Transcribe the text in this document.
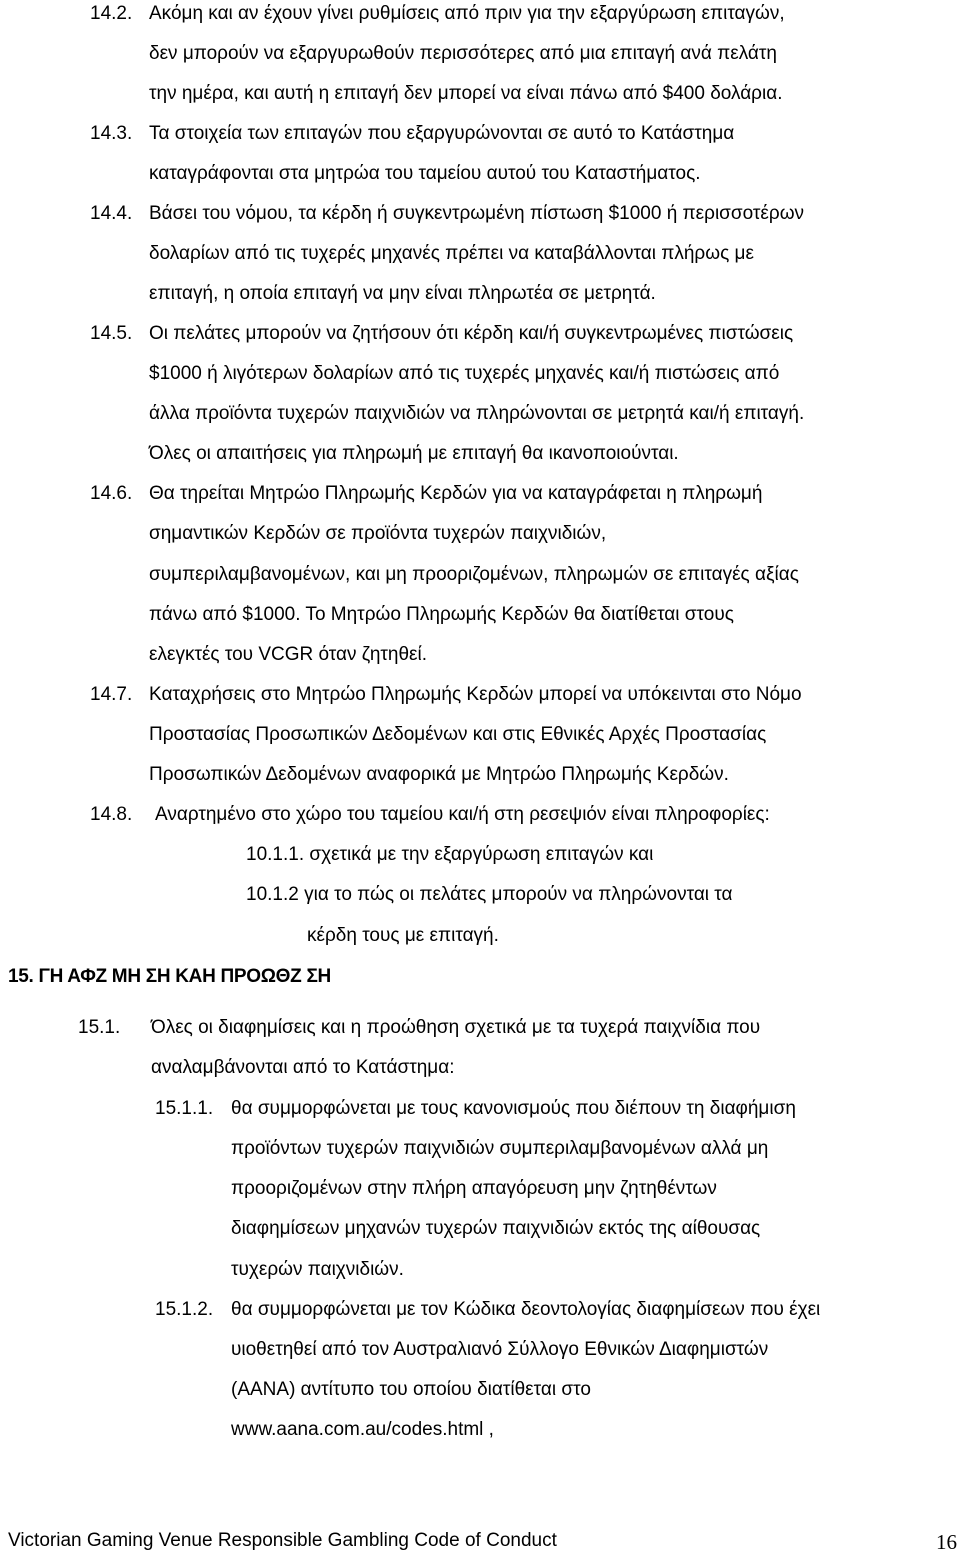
14.2. Ακόμη και αν έχουν γίνει ρυθμίσεις από πριν για την εξαργύρωση επιταγών,
δεν μπορούν να εξαργυρωθούν περισσότερες από μια επιταγή ανά πελάτη
την ημέρα, και αυτή η επιταγή δεν μπορεί να είναι πάνω από $400 δολάρια.
14.3. Τα στοιχεία των επιταγών που εξαργυρώνονται σε αυτό το Κατάστημα
καταγράφονται στα μητρώα του ταμείου αυτού του Καταστήματος.
14.4. Βάσει του νόμου, τα κέρδη ή συγκεντρωμένη πίστωση $1000 ή περισσοτέρων
δολαρίων από τις τυχερές μηχανές πρέπει να καταβάλλονται πλήρως με
επιταγή, η οποία επιταγή να μην είναι πληρωτέα σε μετρητά.
14.5. Οι πελάτες μπορούν να ζητήσουν ότι κέρδη και/ή συγκεντρωμένες πιστώσεις
$1000 ή λιγότερων δολαρίων από τις τυχερές μηχανές και/ή πιστώσεις από
άλλα προϊόντα τυχερών παιχνιδιών να πληρώνονται σε μετρητά και/ή επιταγή.
Όλες οι απαιτήσεις για πληρωμή με επιταγή θα ικανοποιούνται.
14.6. Θα τηρείται Μητρώο Πληρωμής Κερδών για να καταγράφεται η πληρωμή
σημαντικών Κερδών σε προϊόντα τυχερών παιχνιδιών,
συμπεριλαμβανομένων, και μη προοριζομένων, πληρωμών σε επιταγές αξίας
πάνω από $1000. Το Μητρώο Πληρωμής Κερδών θα διατίθεται στους
ελεγκτές του VCGR όταν ζητηθεί.
14.7. Καταχρήσεις στο Μητρώο Πληρωμής Κερδών μπορεί να υπόκεινται στο Νόμο
Προστασίας Προσωπικών Δεδομένων και στις Εθνικές Αρχές Προστασίας
Προσωπικών Δεδομένων αναφορικά με Μητρώο Πληρωμής Κερδών.
14.8. Αναρτημένο στο χώρο του ταμείου και/ή στη ρεσεψιόν είναι πληροφορίες:
10.1.1. σχετικά με την εξαργύρωση επιταγών και
10.1.2 για το πώς οι πελάτες μπορούν να πληρώνονται τα
κέρδη τους με επιταγή.
15. ΓΗ ΑΦΖ ΜΗ ΣΗ ΚΑΗ ΠΡΟΩΘΖ ΣΗ
15.1. Όλες οι διαφημίσεις και η προώθηση σχετικά με τα τυχερά παιχνίδια που
αναλαμβάνονται από το Κατάστημα:
15.1.1. θα συμμορφώνεται με τους κανονισμούς που διέπουν τη διαφήμιση
προϊόντων τυχερών παιχνιδιών συμπεριλαμβανομένων αλλά μη
προοριζομένων στην πλήρη απαγόρευση μην ζητηθέντων
διαφημίσεων μηχανών τυχερών παιχνιδιών εκτός της αίθουσας
τυχερών παιχνιδιών.
15.1.2. θα συμμορφώνεται με τον Κώδικα δεοντολογίας διαφημίσεων που έχει
υιοθετηθεί από τον Αυστραλιανό Σύλλογο Εθνικών Διαφημιστών
(AANA) αντίτυπο του οποίου διατίθεται στο
www.aana.com.au/codes.html ,
Victorian Gaming Venue Responsible Gambling Code of Conduct	16
